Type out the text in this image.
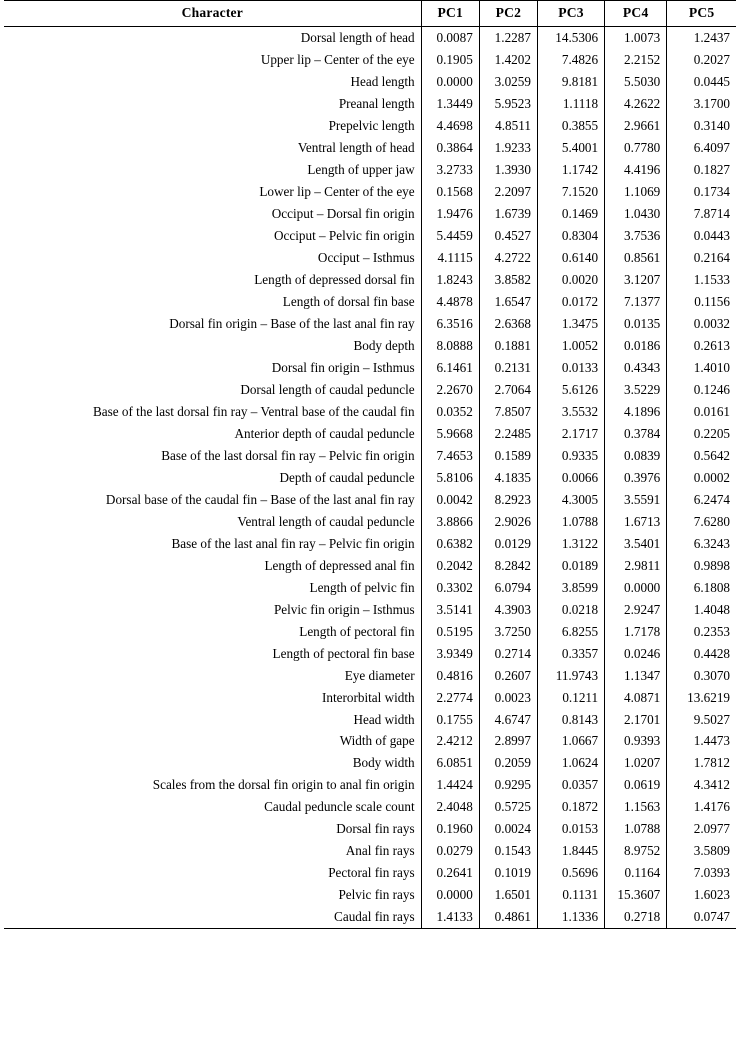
Character	PC1	PC2	PC3	PC4	PC5
Dorsal length of head	0.0087	1.2287	14.5306	1.0073	1.2437
Upper lip – Center of the eye	0.1905	1.4202	7.4826	2.2152	0.2027
Head length	0.0000	3.0259	9.8181	5.5030	0.0445
Preanal length	1.3449	5.9523	1.1118	4.2622	3.1700
Prepelvic length	4.4698	4.8511	0.3855	2.9661	0.3140
Ventral length of head	0.3864	1.9233	5.4001	0.7780	6.4097
Length of upper jaw	3.2733	1.3930	1.1742	4.4196	0.1827
Lower lip – Center of the eye	0.1568	2.2097	7.1520	1.1069	0.1734
Occiput – Dorsal fin origin	1.9476	1.6739	0.1469	1.0430	7.8714
Occiput – Pelvic fin origin	5.4459	0.4527	0.8304	3.7536	0.0443
Occiput – Isthmus	4.1115	4.2722	0.6140	0.8561	0.2164
Length of depressed dorsal fin	1.8243	3.8582	0.0020	3.1207	1.1533
Length of dorsal fin base	4.4878	1.6547	0.0172	7.1377	0.1156
Dorsal fin origin – Base of the last anal fin ray	6.3516	2.6368	1.3475	0.0135	0.0032
Body depth	8.0888	0.1881	1.0052	0.0186	0.2613
Dorsal fin origin – Isthmus	6.1461	0.2131	0.0133	0.4343	1.4010
Dorsal length of caudal peduncle	2.2670	2.7064	5.6126	3.5229	0.1246
Base of the last dorsal fin ray – Ventral base of the caudal fin	0.0352	7.8507	3.5532	4.1896	0.0161
Anterior depth of caudal peduncle	5.9668	2.2485	2.1717	0.3784	0.2205
Base of the last dorsal fin ray – Pelvic fin origin	7.4653	0.1589	0.9335	0.0839	0.5642
Depth of caudal peduncle	5.8106	4.1835	0.0066	0.3976	0.0002
Dorsal base of the caudal fin – Base of the last anal fin ray	0.0042	8.2923	4.3005	3.5591	6.2474
Ventral length of caudal peduncle	3.8866	2.9026	1.0788	1.6713	7.6280
Base of the last anal fin ray – Pelvic fin origin	0.6382	0.0129	1.3122	3.5401	6.3243
Length of depressed anal fin	0.2042	8.2842	0.0189	2.9811	0.9898
Length of pelvic fin	0.3302	6.0794	3.8599	0.0000	6.1808
Pelvic fin origin – Isthmus	3.5141	4.3903	0.0218	2.9247	1.4048
Length of pectoral fin	0.5195	3.7250	6.8255	1.7178	0.2353
Length of pectoral fin base	3.9349	0.2714	0.3357	0.0246	0.4428
Eye diameter	0.4816	0.2607	11.9743	1.1347	0.3070
Interorbital width	2.2774	0.0023	0.1211	4.0871	13.6219
Head width	0.1755	4.6747	0.8143	2.1701	9.5027
Width of gape	2.4212	2.8997	1.0667	0.9393	1.4473
Body width	6.0851	0.2059	1.0624	1.0207	1.7812
Scales from the dorsal fin origin to anal fin origin	1.4424	0.9295	0.0357	0.0619	4.3412
Caudal peduncle scale count	2.4048	0.5725	0.1872	1.1563	1.4176
Dorsal fin rays	0.1960	0.0024	0.0153	1.0788	2.0977
Anal fin rays	0.0279	0.1543	1.8445	8.9752	3.5809
Pectoral fin rays	0.2641	0.1019	0.5696	0.1164	7.0393
Pelvic fin rays	0.0000	1.6501	0.1131	15.3607	1.6023
Caudal fin rays	1.4133	0.4861	1.1336	0.2718	0.0747
